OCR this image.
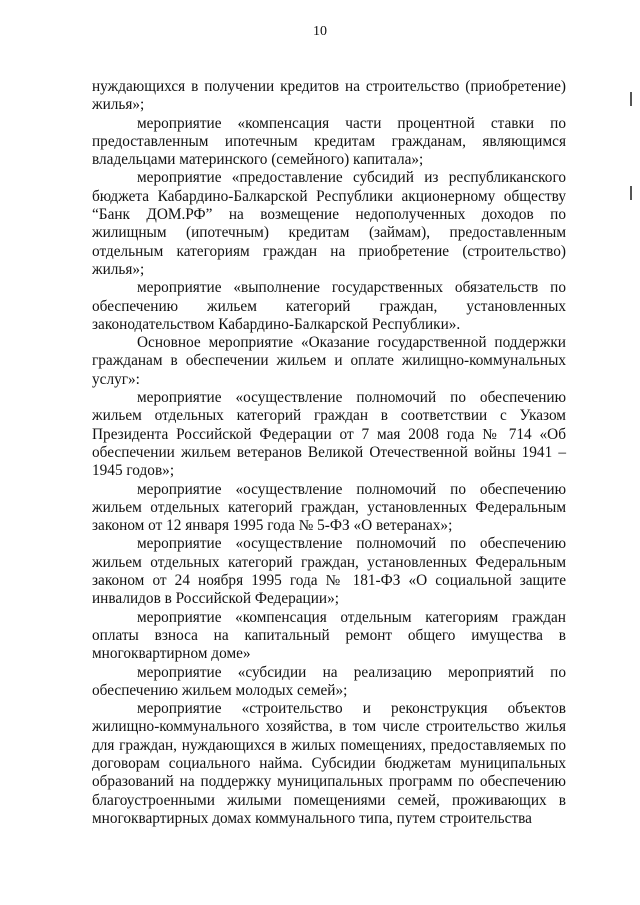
10

нуждающихся в получении кредитов на строительство (приобретение) жилья»;

мероприятие «компенсация части процентной ставки по предоставленным ипотечным кредитам гражданам, являющимся владельцами материнского (семейного) капитала»;

мероприятие «предоставление субсидий из республиканского бюджета Кабардино-Балкарской Республики акционерному обществу “Банк ДОМ.РФ” на возмещение недополученных доходов по жилищным (ипотечным) кредитам (займам), предоставленным отдельным категориям граждан на приобретение (строительство) жилья»;

мероприятие «выполнение государственных обязательств по обеспечению жильем категорий граждан, установленных законодательством Кабардино-Балкарской Республики».

Основное мероприятие «Оказание государственной поддержки гражданам в обеспечении жильем и оплате жилищно-коммунальных услуг»:

мероприятие «осуществление полномочий по обеспечению жильем отдельных категорий граждан в соответствии с Указом Президента Российской Федерации от 7 мая 2008 года № 714 «Об обеспечении жильем ветеранов Великой Отечественной войны 1941 – 1945 годов»;

мероприятие «осуществление полномочий по обеспечению жильем отдельных категорий граждан, установленных Федеральным законом от 12 января 1995 года № 5-ФЗ «О ветеранах»;

мероприятие «осуществление полномочий по обеспечению жильем отдельных категорий граждан, установленных Федеральным законом от 24 ноября 1995 года № 181-ФЗ «О социальной защите инвалидов в Российской Федерации»;

мероприятие «компенсация отдельным категориям граждан оплаты взноса на капитальный ремонт общего имущества в многоквартирном доме»

мероприятие «субсидии на реализацию мероприятий по обеспечению жильем молодых семей»;

мероприятие «строительство и реконструкция объектов жилищно-коммунального хозяйства, в том числе строительство жилья для граждан, нуждающихся в жилых помещениях, предоставляемых по договорам социального найма. Субсидии бюджетам муниципальных образований на поддержку муниципальных программ по обеспечению благоустроенными жилыми помещениями семей, проживающих в многоквартирных домах коммунального типа, путем строительства
